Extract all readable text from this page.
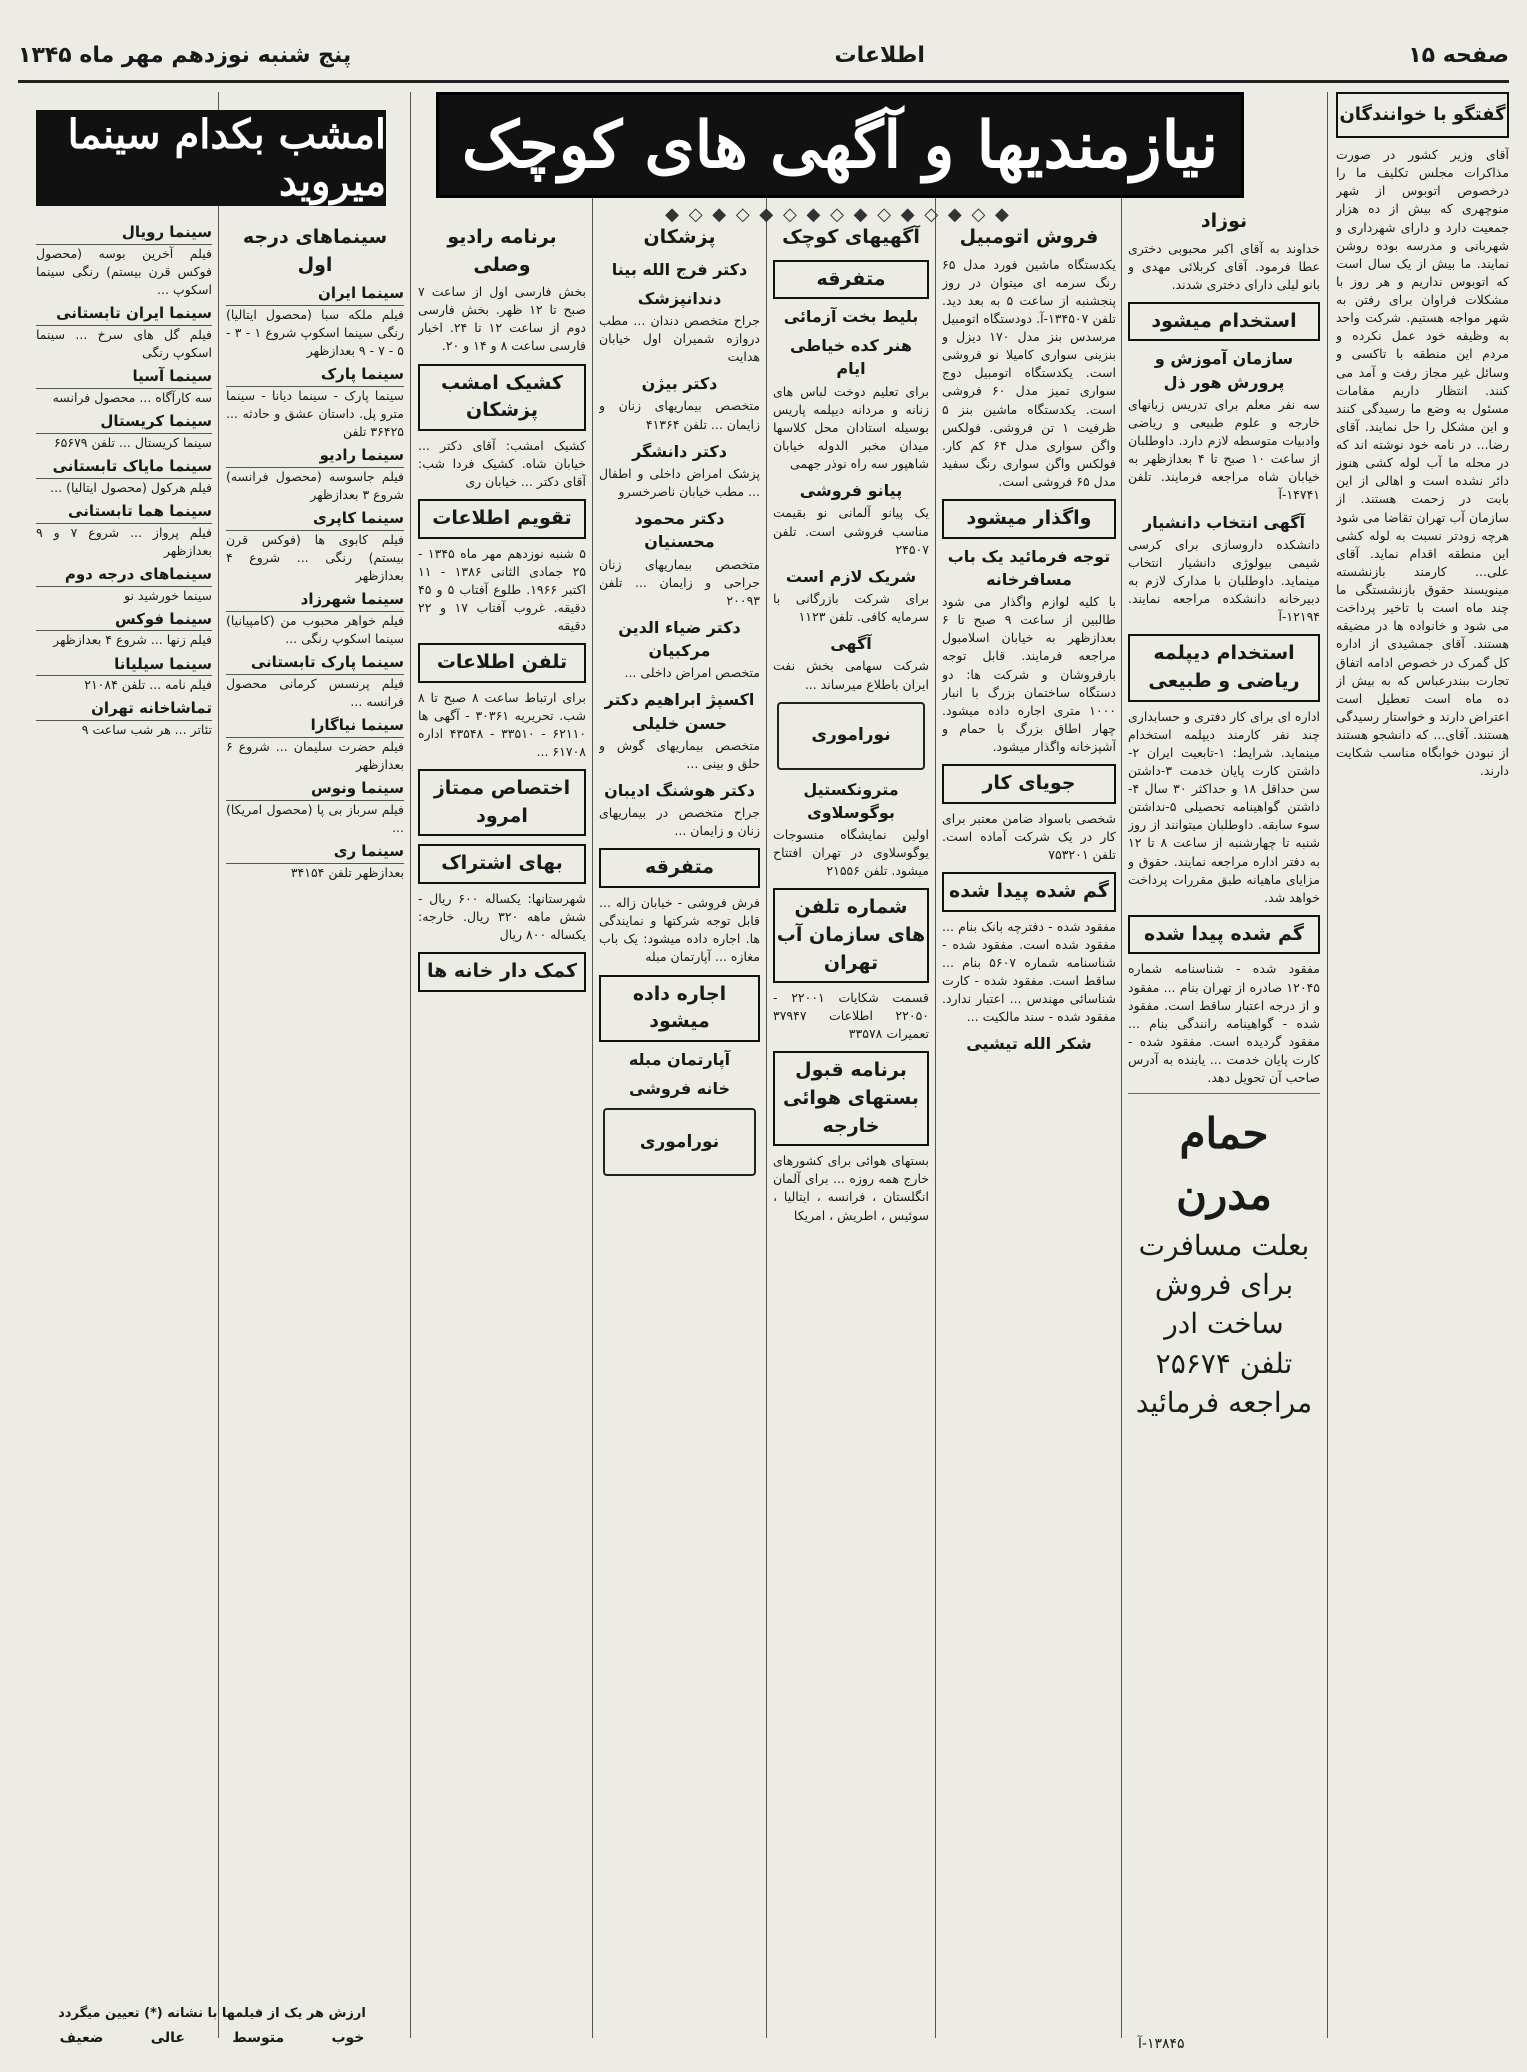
صفحه ۱۵
اطلاعات
پنج شنبه نوزدهم مهر ماه ۱۳۴۵
نیازمندیها و آگهی های کوچک
◆ ◇ ◆ ◇ ◆ ◇ ◆ ◇ ◆ ◇ ◆ ◇ ◆ ◇ ◆
گفتگو با خوانندگان
آقای وزیر کشور در صورت مذاکرات مجلس تکلیف ما را درخصوص اتوبوس از شهر منوچهری که بیش از ده هزار جمعیت دارد و دارای شهرداری و شهربانی و مدرسه بوده روشن نمایند. ما بیش از یک سال است که اتوبوس نداریم و هر روز با مشکلات فراوان برای رفتن به شهر مواجه هستیم. شرکت واحد به وظیفه خود عمل نکرده و مردم این منطقه با تاکسی و وسائل غیر مجاز رفت و آمد می کنند. انتظار داریم مقامات مسئول به وضع ما رسیدگی کنند و این مشکل را حل نمایند. آقای رضا... در نامه خود نوشته اند که در محله ما آب لوله کشی هنوز دائر نشده است و اهالی از این بابت در زحمت هستند. از سازمان آب تهران تقاضا می شود هرچه زودتر نسبت به لوله کشی این منطقه اقدام نماید. آقای علی... کارمند بازنشسته مینویسند حقوق بازنشستگی ما چند ماه است با تاخیر پرداخت می شود و خانواده ها در مضیقه هستند. آقای جمشیدی از اداره کل گمرک در خصوص ادامه اتفاق تجارت ببندرعباس که به بیش از ده ماه است تعطیل است اعتراض دارند و خواستار رسیدگی هستند. آقای... که دانشجو هستند از نبودن خوابگاه مناسب شکایت دارند.
نوزاد
خداوند به آقای اکبر محبوبی دختری عطا فرمود. آقای کربلائی مهدی و بانو لیلی دارای دختری شدند.
استخدام میشود
سازمان آموزش و پرورش هور ذل
سه نفر معلم برای تدریس زبانهای خارجه و علوم طبیعی و ریاضی وادبیات متوسطه لازم دارد. داوطلبان از ساعت ۱۰ صبح تا ۴ بعدازظهر به خیابان شاه مراجعه فرمایند. تلفن ۱۴۷۴۱-آ
آگهی انتخاب دانشیار
دانشکده داروسازی برای کرسی شیمی بیولوژی دانشیار انتخاب مینماید. داوطلبان با مدارک لازم به دبیرخانه دانشکده مراجعه نمایند. ۱۲۱۹۴-آ
استخدام دیپلمه ریاضی و طبیعی
اداره ای برای کار دفتری و حسابداری چند نفر کارمند دیپلمه استخدام مینماید. شرایط: ۱-تابعیت ایران ۲-داشتن کارت پایان خدمت ۳-داشتن سن حداقل ۱۸ و حداکثر ۳۰ سال ۴-داشتن گواهینامه تحصیلی ۵-نداشتن سوء سابقه. داوطلبان میتوانند از روز شنبه تا چهارشنبه از ساعت ۸ تا ۱۲ به دفتر اداره مراجعه نمایند. حقوق و مزایای ماهیانه طبق مقررات پرداخت خواهد شد.
گم شده پیدا شده
مفقود شده - شناسنامه شماره ۱۲۰۴۵ صادره از تهران بنام ... مفقود و از درجه اعتبار ساقط است. مفقود شده - گواهینامه رانندگی بنام ... مفقود گردیده است. مفقود شده - کارت پایان خدمت ... یابنده به آدرس صاحب آن تحویل دهد.
حمام مدرن
بعلت مسافرت برای فروش ساخت ادر
تلفن ۲۵۶۷۴
مراجعه فرمائید
فروش اتومبیل
یکدستگاه ماشین فورد مدل ۶۵ رنگ سرمه ای میتوان در روز پنجشنبه از ساعت ۵ به بعد دید. تلفن ۱۳۴۵۰۷-آ. دودستگاه اتومبیل مرسدس بنز مدل ۱۷۰ دیزل و بنزینی سواری کامیلا نو فروشی است. یکدستگاه اتومبیل دوج سواری تمیز مدل ۶۰ فروشی است. یکدستگاه ماشین بنز ۵ ظرفیت ۱ تن فروشی. فولکس واگن سواری مدل ۶۴ کم کار. فولکس واگن سواری رنگ سفید مدل ۶۵ فروشی است.
واگذار میشود
توجه فرمائید یک باب مسافرخانه
با کلیه لوازم واگذار می شود طالبین از ساعت ۹ صبح تا ۶ بعدازظهر به خیابان اسلامبول مراجعه فرمایند. قابل توجه بارفروشان و شرکت ها: دو دستگاه ساختمان بزرگ با انبار ۱۰۰۰ متری اجاره داده میشود. چهار اطاق بزرگ با حمام و آشپزخانه واگذار میشود.
جویای کار
شخصی باسواد ضامن معتبر برای کار در یک شرکت آماده است. تلفن ۷۵۳۲۰۱
گم شده پیدا شده
مفقود شده - دفترچه بانک بنام ... مفقود شده است. مفقود شده - شناسنامه شماره ۵۶۰۷ بنام ... ساقط است. مفقود شده - کارت شناسائی مهندس ... اعتبار ندارد. مفقود شده - سند مالکیت ...
شکر الله تیشیی
آگهیهای کوچک
متفرقه
بلیط بخت آزمائی
هنر کده خیاطی ایام
برای تعلیم دوخت لباس های زنانه و مردانه دیپلمه پاریس بوسیله استادان محل کلاسها میدان مخبر الدوله خیابان شاهپور سه راه نوذر جهمی
پیانو فروشی
یک پیانو آلمانی نو بقیمت مناسب فروشی است. تلفن ۲۴۵۰۷
شریک لازم است
برای شرکت بازرگانی با سرمایه کافی. تلفن ۱۱۲۳
آگهی
شرکت سهامی بخش نفت ایران باطلاع میرساند ...
نوراموری
مترونکستیل بوگوسلاوی
اولین نمایشگاه منسوجات یوگوسلاوی در تهران افتتاح میشود. تلفن ۲۱۵۵۶
شماره تلفن های سازمان آب تهران
قسمت شکایات ۲۲۰۰۱ - ۲۲۰۵۰ اطلاعات ۳۷۹۴۷ تعمیرات ۳۳۵۷۸
برنامه قبول بستهای هوائی خارجه
بستهای هوائی برای کشورهای خارج همه روزه ... برای آلمان انگلستان ، فرانسه ، ایتالیا ، سوئیس ، اطریش ، امریکا
پزشکان
دکتر فرج الله بینا
دندانپزشک
جراح متخصص دندان ... مطب دروازه شمیران اول خیابان هدایت
دکتر بیژن
متخصص بیماریهای زنان و زایمان ... تلفن ۴۱۳۶۴
دکتر دانشگر
پزشک امراض داخلی و اطفال ... مطب خیابان ناصرخسرو
دکتر محمود محسنیان
متخصص بیماریهای زنان جراحی و زایمان ... تلفن ۲۰۰۹۳
دکتر ضیاء الدین مرکبیان
متخصص امراض داخلی ...
اکسپژ ابراهیم دکتر حسن خلیلی
متخصص بیماریهای گوش و حلق و بینی ...
دکتر هوشنگ ادیبان
جراح متخصص در بیماریهای زنان و زایمان ...
متفرقه
فرش فروشی - خیابان زاله ... قابل توجه شرکتها و نمایندگی ها. اجاره داده میشود: یک باب مغازه ... آپارتمان مبله
اجاره داده میشود
آپارتمان مبله
خانه فروشی
نوراموری
برنامه رادیو وصلی
بخش فارسی اول از ساعت ۷ صبح تا ۱۲ ظهر. بخش فارسی دوم از ساعت ۱۲ تا ۲۴. اخبار فارسی ساعت ۸ و ۱۴ و ۲۰.
کشیک امشب پزشکان
کشیک امشب: آقای دکتر ... خیابان شاه. کشیک فردا شب: آقای دکتر ... خیابان ری
تقویم اطلاعات
۵ شنبه نوزدهم مهر ماه ۱۳۴۵ - ۲۵ جمادی الثانی ۱۳۸۶ - ۱۱ اکتبر ۱۹۶۶. طلوع آفتاب ۵ و ۴۵ دقیقه. غروب آفتاب ۱۷ و ۲۲ دقیقه
تلفن اطلاعات
برای ارتباط ساعت ۸ صبح تا ۸ شب. تحریریه ۳۰۳۶۱ - آگهی ها ۶۲۱۱۰ - ۳۳۵۱۰ - ۴۳۵۴۸ اداره ۶۱۷۰۸ ...
اختصاص ممتاز امرود
بهای اشتراک
شهرستانها: یکساله ۶۰۰ ریال - شش ماهه ۳۲۰ ریال. خارجه: یکساله ۸۰۰ ریال
کمک دار خانه ها
امشب بکدام سینما میروید
سینماهای درجه اول
سینما ایران
فیلم ملکه سبا (محصول ایتالیا) رنگی سینما اسکوپ شروع ۱ - ۳ - ۵ - ۷ - ۹ بعدازظهر
سینما پارک
سینما پارک - سینما دیانا - سینما مترو پل. داستان عشق و حادثه ... ۳۶۴۲۵ تلفن
سینما رادیو
فیلم جاسوسه (محصول فرانسه) شروع ۳ بعدازظهر
سینما کاپری
فیلم کابوی ها (فوکس قرن بیستم) رنگی ... شروع ۴ بعدازظهر
سینما شهرزاد
فیلم خواهر محبوب من (کامپیانیا) سینما اسکوپ رنگی ...
سینما پارک تابستانی
فیلم پرنسس کرمانی محصول فرانسه ...
سینما نیاگارا
فیلم حضرت سلیمان ... شروع ۶ بعدازظهر
سینما ونوس
فیلم سرباز بی پا (محصول امریکا) ...
سینما ری
بعدازظهر تلفن ۳۴۱۵۴
سینما رویال
فیلم آخرین بوسه (محصول فوکس قرن بیستم) رنگی سینما اسکوپ ...
سینما ایران تابستانی
فیلم گل های سرخ ... سینما اسکوپ رنگی
سینما آسیا
سه کارآگاه ... محصول فرانسه
سینما کریستال
سینما کریستال ... تلفن ۶۵۶۷۹
سینما مایاک تابستانی
فیلم هرکول (محصول ایتالیا) ...
سینما هما تابستانی
فیلم پرواز ... شروع ۷ و ۹ بعدازظهر
سینماهای درجه دوم
سینما خورشید نو
سینما فوکس
فیلم زنها ... شروع ۴ بعدازظهر
سینما سیلیانا
فیلم نامه ... تلفن ۲۱۰۸۴
تماشاخانه تهران
تئاتر ... هر شب ساعت ۹
ارزش هر یک از فیلمها با نشانه (*) تعیین میگردد
خوب
متوسط
عالی
ضعیف	۱۳۸۴۵-آ
